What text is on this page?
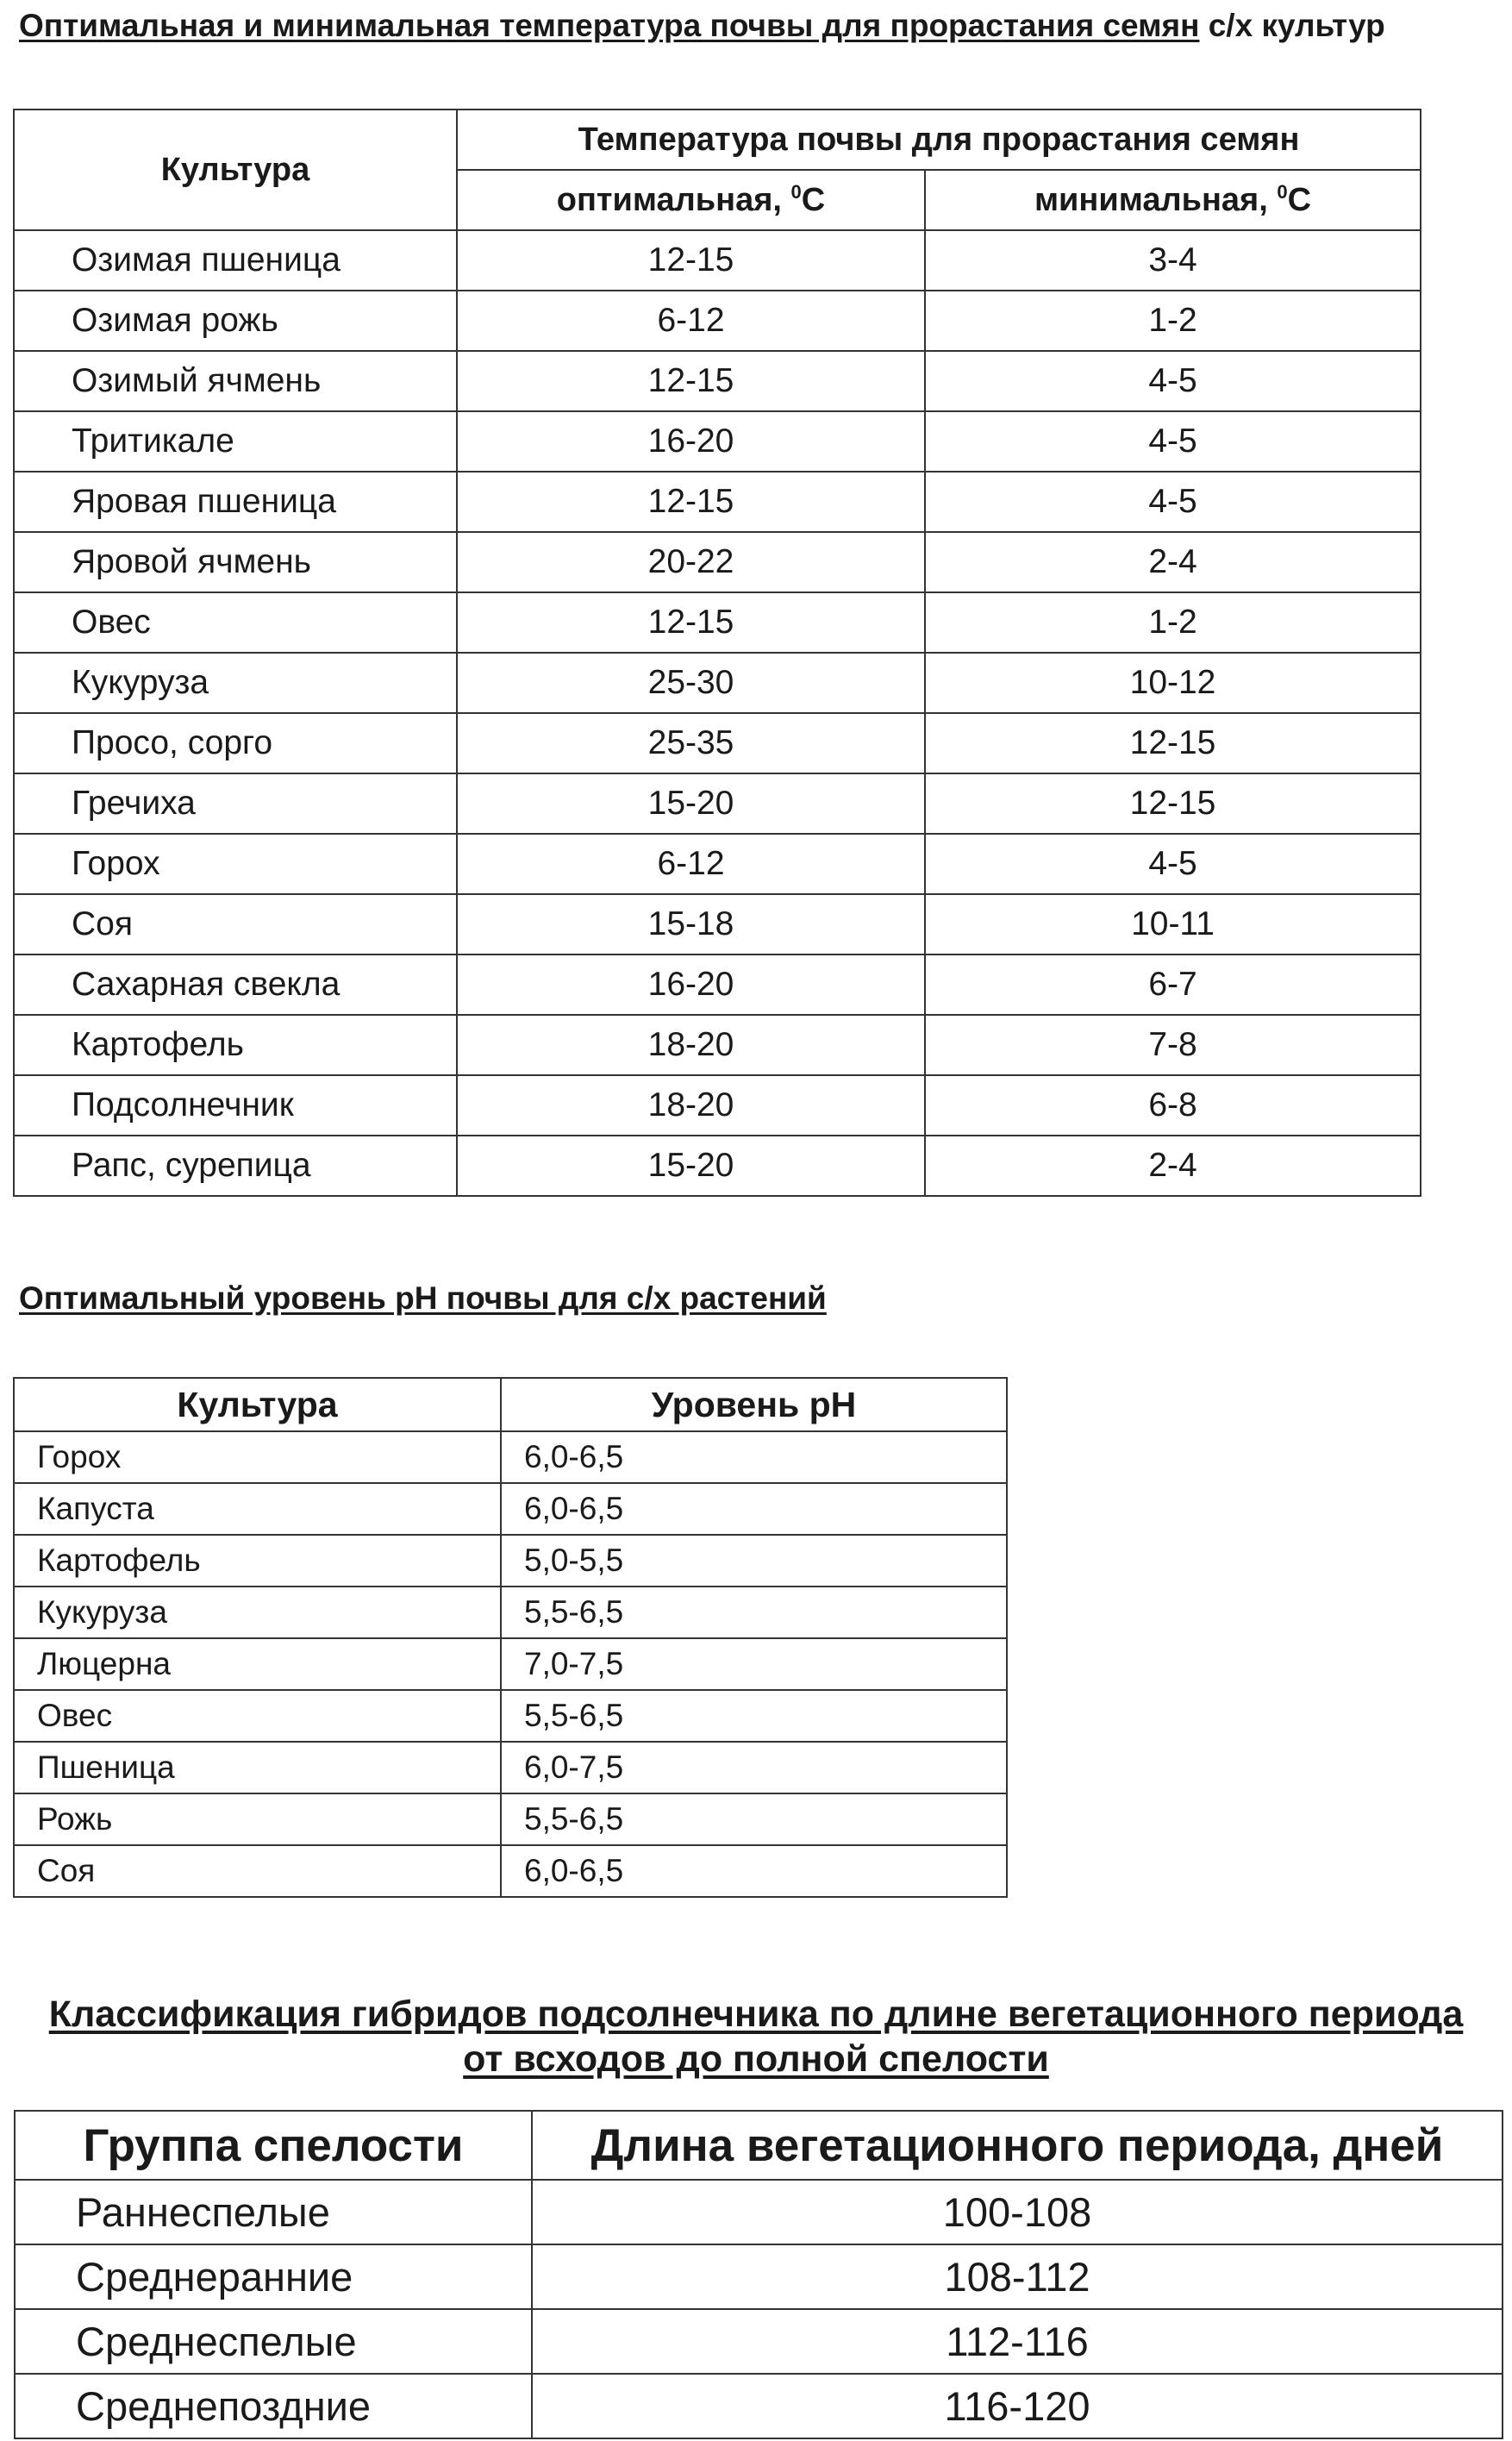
Оптимальная и минимальная температура почвы для прорастания семян с/х культур
Культура	Температура почвы для прорастания семян	
	оптимальная, $^0$С	минимальная, $^0$С
Озимая пшеница	12-15	3-4
Озимая рожь	6-12	1-2
Озимый ячмень	12-15	4-5
Тритикале	16-20	4-5
Яровая пшеница	12-15	4-5
Яровой ячмень	20-22	2-4
Овес	12-15	1-2
Кукуруза	25-30	10-12
Просо, сорго	25-35	12-15
Гречиха	15-20	12-15
Горох	6-12	4-5
Соя	15-18	10-11
Сахарная свекла	16-20	6-7
Картофель	18-20	7-8
Подсолнечник	18-20	6-8
Рапс, сурепица	15-20	2-4
Оптимальный уровень рН почвы для с/х растений
Культура	Уровень рН
Горох	6,0-6,5
Капуста	6,0-6,5
Картофель	5,0-5,5
Кукуруза	5,5-6,5
Люцерна	7,0-7,5
Овес	5,5-6,5
Пшеница	6,0-7,5
Рожь	5,5-6,5
Соя	6,0-6,5
Классификация гибридов подсолнечника по длине вегетационного периода
от всходов до полной спелости
Группа спелости	Длина вегетационного периода, дней
Раннеспелые	100-108
Среднеранние	108-112
Среднеспелые	112-116
Среднепоздние	116-120
